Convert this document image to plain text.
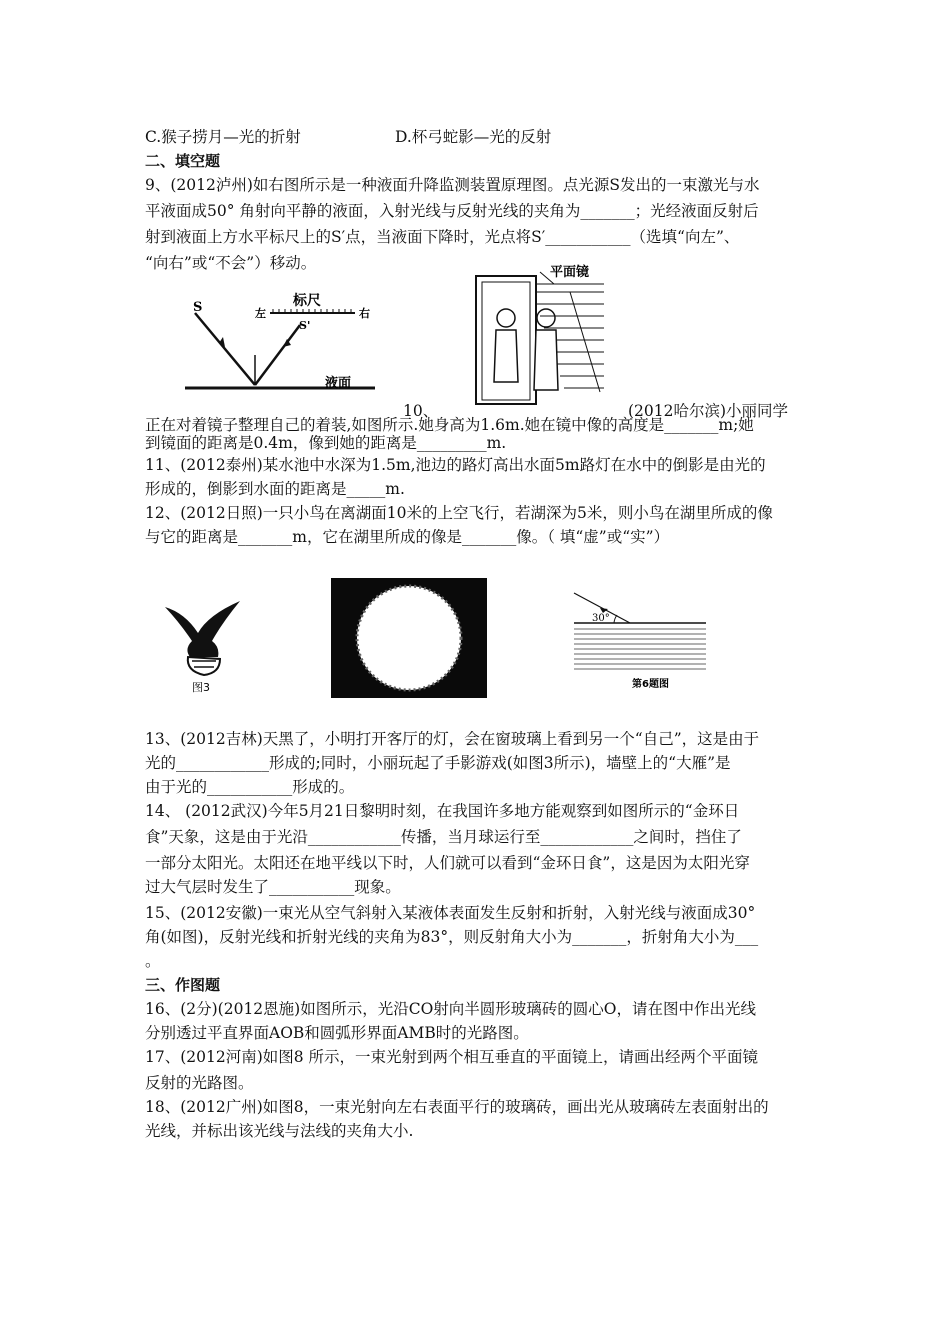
C.猴子捞月—光的折射	D.杯弓蛇影—光的反射
二、填空题
9、(2012泸州)如右图所示是一种液面升降监测装置原理图。点光源S发出的一束激光与水
平液面成50° 角射向平静的液面，入射光线与反射光线的夹角为_______；光经液面反射后
射到液面上方水平标尺上的S′点，当液面下降时，光点将S′___________（选填“向左”、
“向右”或“不会”）移动。
S	标尺
左	右
S'
液面
平面镜
10、	(2012哈尔滨)小丽同学
正在对着镜子整理自己的着装,如图所示.她身高为1.6m.她在镜中像的高度是_______m;她
到镜面的距离是0.4m，像到她的距离是_________m.
11、(2012泰州)某水池中水深为1.5m,池边的路灯高出水面5m路灯在水中的倒影是由光的
形成的，倒影到水面的距离是_____m.
12、(2012日照)一只小鸟在离湖面10米的上空飞行，若湖深为5米，则小鸟在湖里所成的像
与它的距离是_______m，它在湖里所成的像是_______像。（ 填“虚”或“实”）
图3
30°
第6题图
13、(2012吉林)天黑了，小明打开客厅的灯，会在窗玻璃上看到另一个“自己”，这是由于
光的____________形成的;同时，小丽玩起了手影游戏(如图3所示)，墙壁上的“大雁”是
由于光的___________形成的。
14、 (2012武汉)今年5月21日黎明时刻，在我国许多地方能观察到如图所示的“金环日
食”天象，这是由于光沿____________传播，当月球运行至____________之间时，挡住了
一部分太阳光。太阳还在地平线以下时，人们就可以看到“金环日食”，这是因为太阳光穿
过大气层时发生了___________现象。
15、(2012安徽)一束光从空气斜射入某液体表面发生反射和折射，入射光线与液面成30°
角(如图)，反射光线和折射光线的夹角为83°，则反射角大小为_______，折射角大小为___
。
三、作图题
16、(2分)(2012恩施)如图所示，光沿CO射向半圆形玻璃砖的圆心O，请在图中作出光线
分别透过平直界面AOB和圆弧形界面AMB时的光路图。
17、(2012河南)如图8 所示，一束光射到两个相互垂直的平面镜上，请画出经两个平面镜
反射的光路图。
18、(2012广州)如图8，一束光射向左右表面平行的玻璃砖，画出光从玻璃砖左表面射出的
光线，并标出该光线与法线的夹角大小.
